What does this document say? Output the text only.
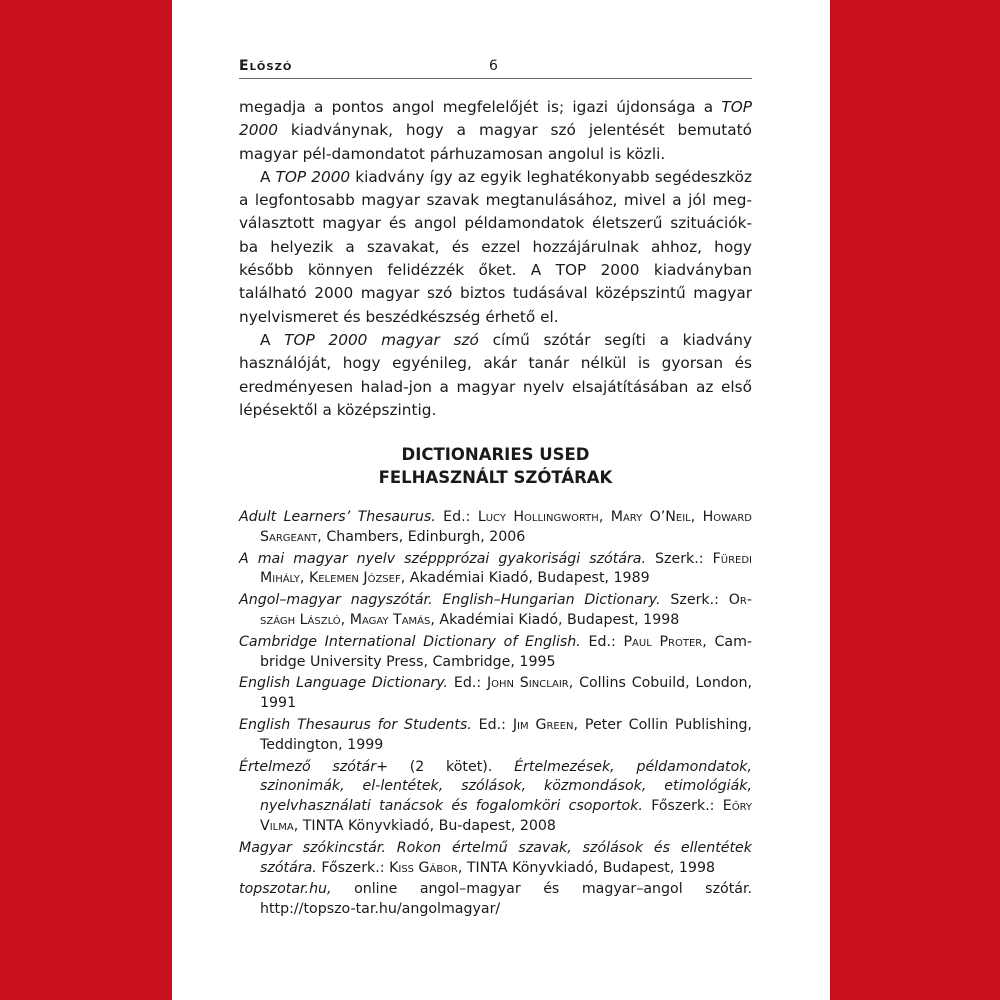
Előszó	6

megadja a pontos angol megfelelőjét is; igazi újdonsága a TOP 2000 kiadványnak, hogy a magyar szó jelentését bemutató magyar pél-damondatot párhuzamosan angolul is közli.

A TOP 2000 kiadvány így az egyik leghatékonyabb segédeszköz a legfontosabb magyar szavak megtanulásához, mivel a jól meg-választott magyar és angol példamondatok életszerű szituációk-ba helyezik a szavakat, és ezzel hozzájárulnak ahhoz, hogy később könnyen felidézzék őket. A TOP 2000 kiadványban található 2000 magyar szó biztos tudásával középszintű magyar nyelvismeret és beszédkészség érhető el.

A TOP 2000 magyar szó című szótár segíti a kiadvány használóját, hogy egyénileg, akár tanár nélkül is gyorsan és eredményesen halad-jon a magyar nyelv elsajátításában az első lépésektől a középszintig.

DICTIONARIES USED
FELHASZNÁLT SZÓTÁRAK
Adult Learners’ Thesaurus. Ed.: Lucy Hollingworth, Mary O’Neil, Howard Sargeant, Chambers, Edinburgh, 2006
A mai magyar nyelv széppprózai gyakorisági szótára. Szerk.: Füredi Mihály, Kelemen József, Akadémiai Kiadó, Budapest, 1989
Angol–magyar nagyszótár. English–Hungarian Dictionary. Szerk.: Or-szágh László, Magay Tamás, Akadémiai Kiadó, Budapest, 1998
Cambridge International Dictionary of English. Ed.: Paul Proter, Cam-bridge University Press, Cambridge, 1995
English Language Dictionary. Ed.: John Sinclair, Collins Cobuild, London, 1991
English Thesaurus for Students. Ed.: Jim Green, Peter Collin Publishing, Teddington, 1999
Értelmező szótár+ (2 kötet). Értelmezések, példamondatok, szinonimák, el-lentétek, szólások, közmondások, etimológiák, nyelvhasználati tanácsok és fogalomköri csoportok. Főszerk.: Eőry Vilma, TINTA Könyvkiadó, Bu-dapest, 2008
Magyar szókincstár. Rokon értelmű szavak, szólások és ellentétek szótára. Főszerk.: Kiss Gábor, TINTA Könyvkiadó, Budapest, 1998
topszotar.hu, online angol–magyar és magyar–angol szótár. http://topszo-tar.hu/angolmagyar/
